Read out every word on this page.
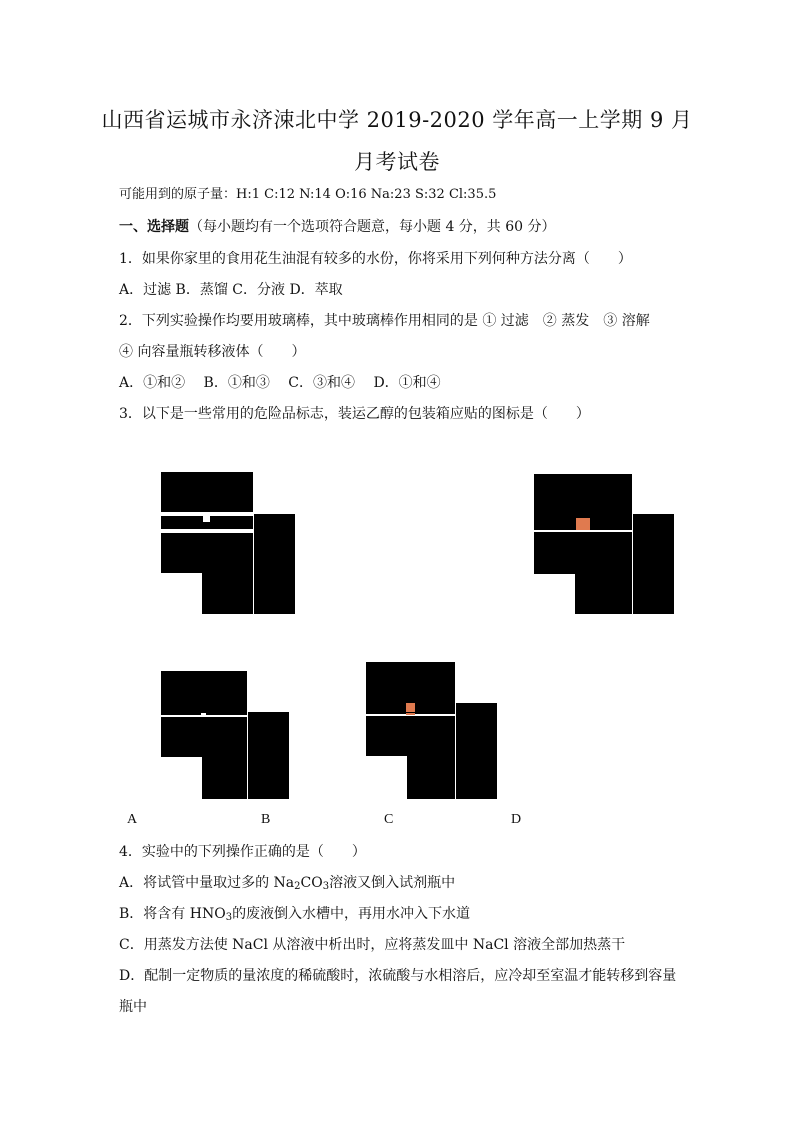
山西省运城市永济涑北中学 2019-2020 学年高一上学期 9 月
月考试卷
可能用到的原子量：H:1 C:12 N:14 O:16 Na:23 S:32 Cl:35.5
一、选择题（每小题均有一个选项符合题意，每小题 4 分，共 60 分）
1．如果你家里的食用花生油混有较多的水份，你将采用下列何种方法分离（　　）
A．过滤 B．蒸馏 C．分液 D．萃取
2．下列实验操作均要用玻璃棒，其中玻璃棒作用相同的是 ① 过滤　② 蒸发　③ 溶解
④ 向容量瓶转移液体（　　）
A．①和②　 B．①和③　 C．③和④　 D．①和④
3．以下是一些常用的危险品标志，装运乙醇的包装箱应贴的图标是（　　）
A	B	C	D
4．实验中的下列操作正确的是（　　）
A．将试管中量取过多的 $Na_2CO_3$溶液又倒入试剂瓶中
B．将含有 $HNO_3$的废液倒入水槽中，再用水冲入下水道
C．用蒸发方法使 NaCl 从溶液中析出时，应将蒸发皿中 NaCl 溶液全部加热蒸干
D．配制一定物质的量浓度的稀硫酸时，浓硫酸与水相溶后，应冷却至室温才能转移到容量
瓶中
